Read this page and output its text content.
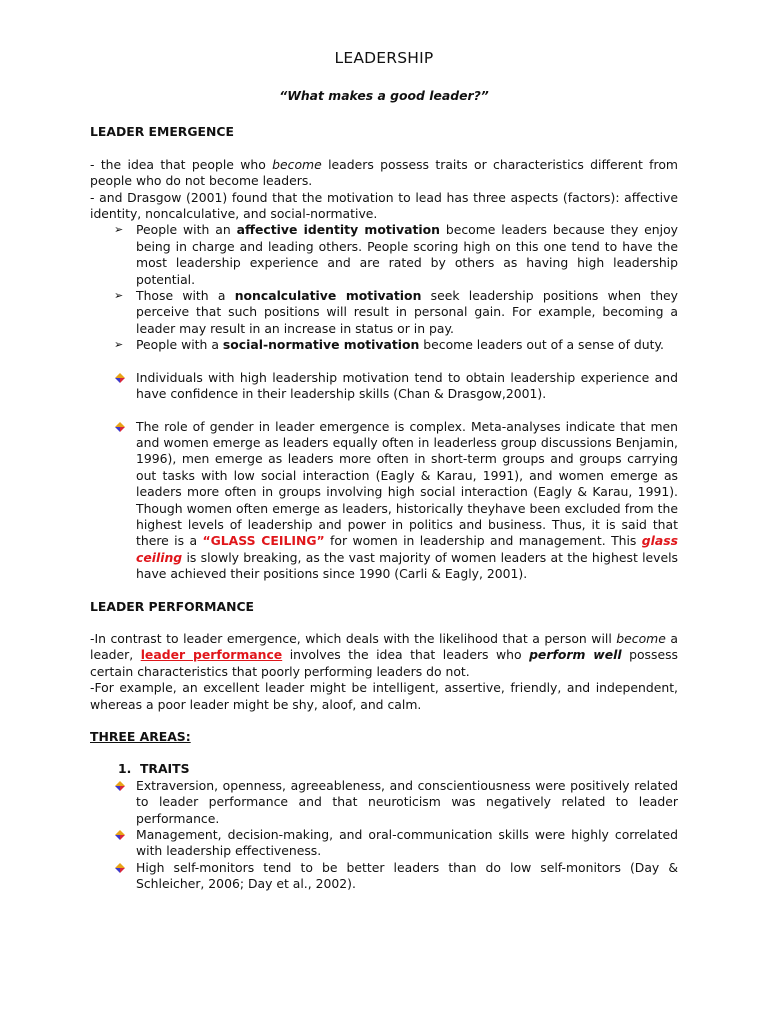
LEADERSHIP
“What makes a good leader?”
LEADER EMERGENCE

- the idea that people who become leaders possess traits or characteristics different from people who do not become leaders.

- and Drasgow (2001) found that the motivation to lead has three aspects (factors): affective identity, noncalculative, and social-normative.

➢ People with an affective identity motivation become leaders because they enjoy being in charge and leading others. People scoring high on this one tend to have the most leadership experience and are rated by others as having high leadership potential.
➢ Those with a noncalculative motivation seek leadership positions when they perceive that such positions will result in personal gain. For example, becoming a leader may result in an increase in status or in pay.
➢ People with a social-normative motivation become leaders out of a sense of duty.
Individuals with high leadership motivation tend to obtain leadership experience and have confidence in their leadership skills (Chan & Drasgow,2001).
The role of gender in leader emergence is complex. Meta-analyses indicate that men and women emerge as leaders equally often in leaderless group discussions Benjamin, 1996), men emerge as leaders more often in short-term groups and groups carrying out tasks with low social interaction (Eagly & Karau, 1991), and women emerge as leaders more often in groups involving high social interaction (Eagly & Karau, 1991). Though women often emerge as leaders, historically theyhave been excluded from the highest levels of leadership and power in politics and business. Thus, it is said that there is a “GLASS CEILING” for women in leadership and management. This glass ceiling is slowly breaking, as the vast majority of women leaders at the highest levels have achieved their positions since 1990 (Carli & Eagly, 2001).
LEADER PERFORMANCE

-In contrast to leader emergence, which deals with the likelihood that a person will become a leader, leader performance involves the idea that leaders who perform well possess certain characteristics that poorly performing leaders do not.

-For example, an excellent leader might be intelligent, assertive, friendly, and independent, whereas a poor leader might be shy, aloof, and calm.

THREE AREAS:
1.  TRAITS
Extraversion, openness, agreeableness, and conscientiousness were positively related to leader performance and that neuroticism was negatively related to leader performance.
Management, decision-making, and oral-communication skills were highly correlated with leadership effectiveness.
High self-monitors tend to be better leaders than do low self-monitors (Day & Schleicher, 2006; Day et al., 2002).
